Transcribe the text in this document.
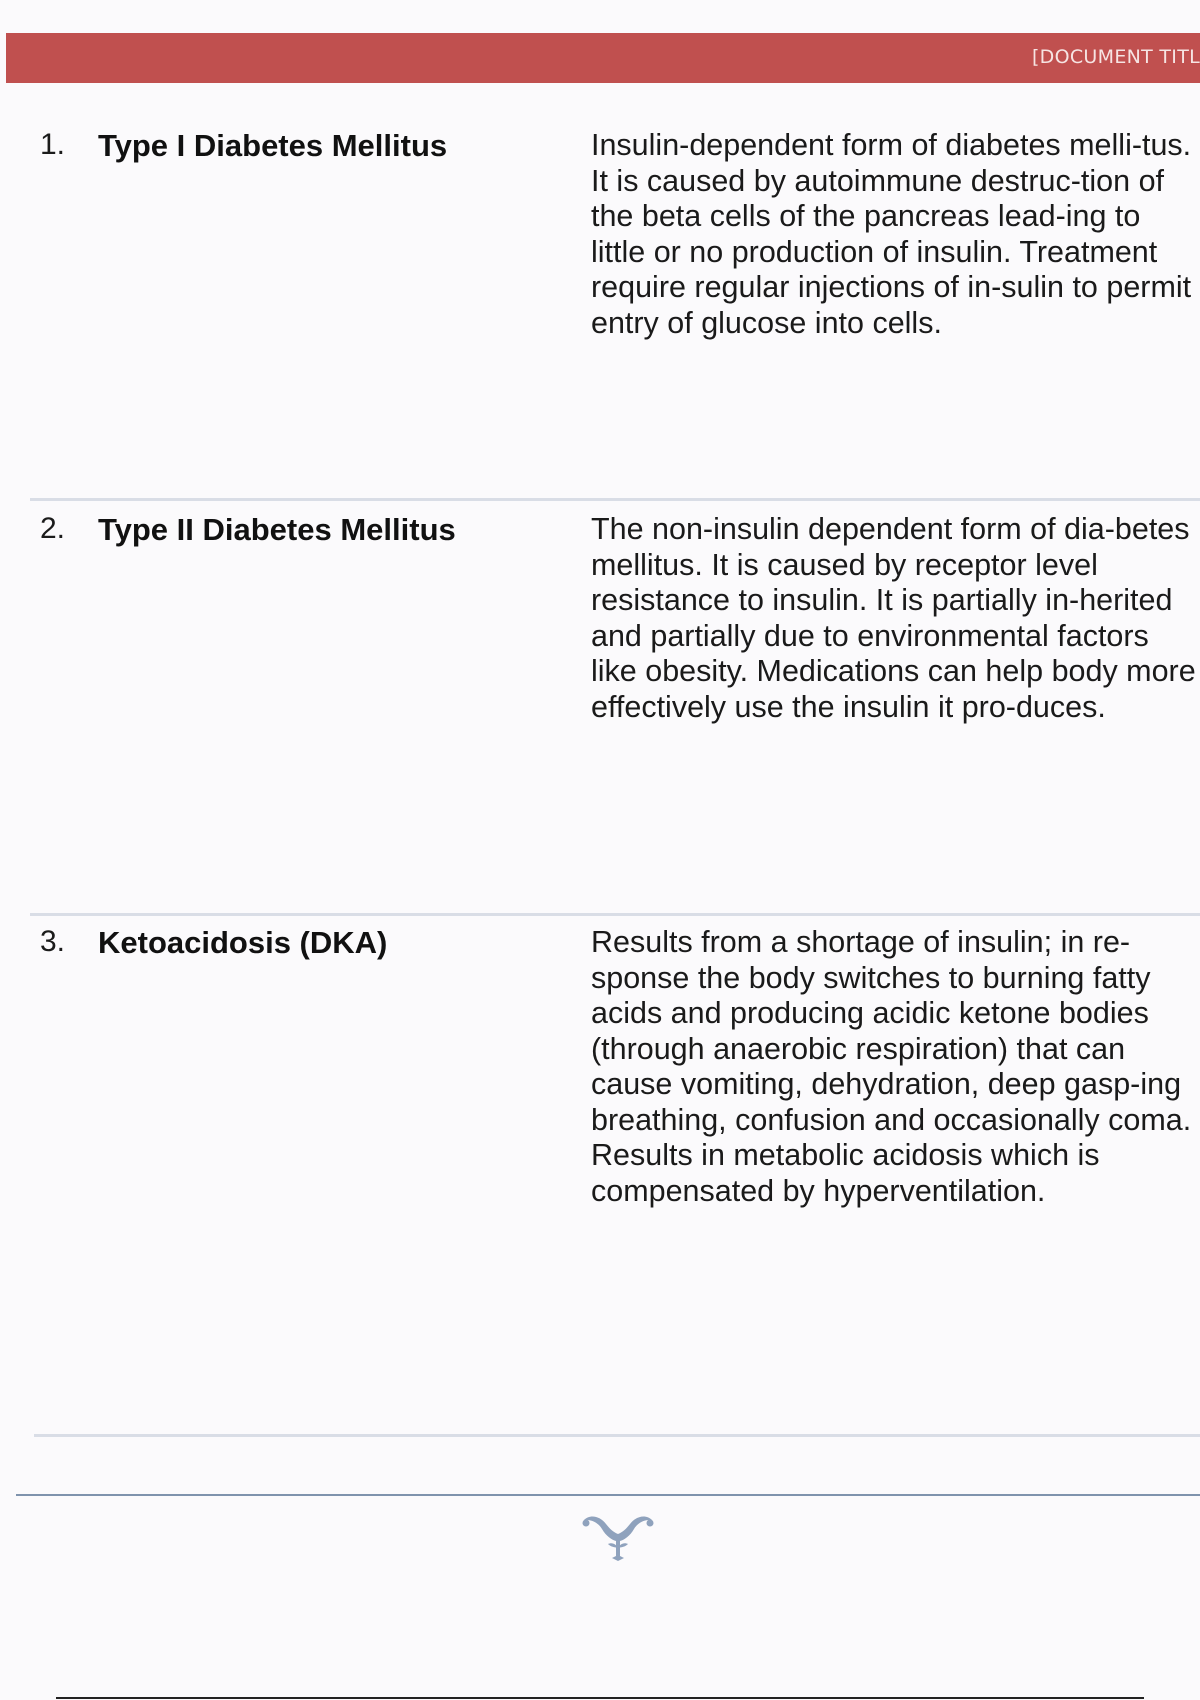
[DOCUMENT TITL
1. Type I Diabetes Mellitus	Insulin-dependent form of diabetes melli-tus. It is caused by autoimmune destruc-tion of the beta cells of the pancreas lead-ing to little or no production of insulin. Treatment require regular injections of in-sulin to permit entry of glucose into cells.

2. Type II Diabetes Mellitus	The non-insulin dependent form of dia-betes mellitus. It is caused by receptor level resistance to insulin. It is partially in-herited and partially due to environmental factors like obesity. Medications can help body more effectively use the insulin it pro-duces.

3. Ketoacidosis (DKA)	Results from a shortage of insulin; in re-sponse the body switches to burning fatty acids and producing acidic ketone bodies (through anaerobic respiration) that can cause vomiting, dehydration, deep gasp-ing breathing, confusion and occasionally coma. Results in metabolic acidosis which is compensated by hyperventilation.
